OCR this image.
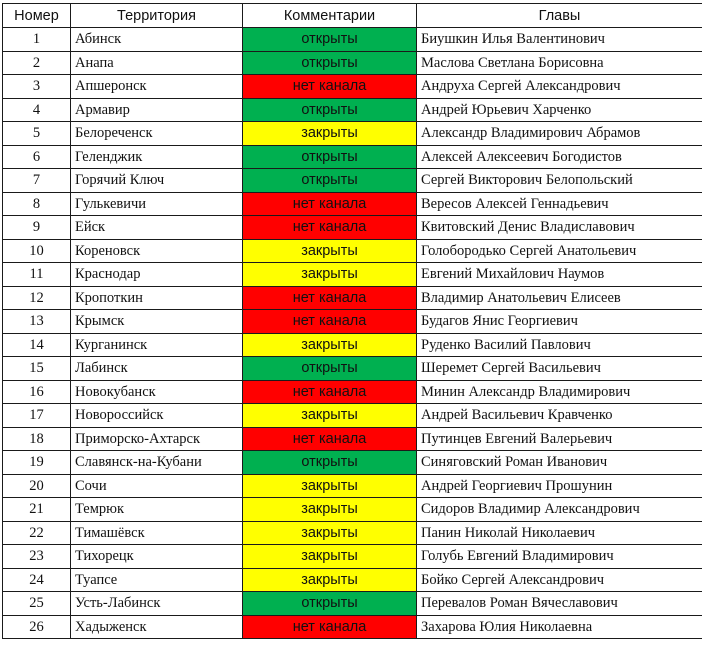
Номер	Территория	Комментарии	Главы
1	Абинск	открыты	Биушкин Илья Валентинович
2	Анапа	открыты	Маслова Светлана Борисовна
3	Апшеронск	нет канала	Андруха Сергей Александрович
4	Армавир	открыты	Андрей Юрьевич Харченко
5	Белореченск	закрыты	Александр Владимирович Абрамов
6	Геленджик	открыты	Алексей Алексеевич Богодистов
7	Горячий Ключ	открыты	Сергей Викторович Белопольский
8	Гулькевичи	нет канала	Вересов Алексей Геннадьевич
9	Ейск	нет канала	Квитовский Денис Владиславович
10	Кореновск	закрыты	Голобородько Сергей Анатольевич
11	Краснодар	закрыты	Евгений Михайлович Наумов
12	Кропоткин	нет канала	Владимир Анатольевич Елисеев
13	Крымск	нет канала	Будагов Янис Георгиевич
14	Курганинск	закрыты	Руденко Василий Павлович
15	Лабинск	открыты	Шеремет Сергей Васильевич
16	Новокубанск	нет канала	Минин Александр Владимирович
17	Новороссийск	закрыты	Андрей Васильевич Кравченко
18	Приморско-Ахтарск	нет канала	Путинцев Евгений Валерьевич
19	Славянск-на-Кубани	открыты	Синяговский Роман Иванович
20	Сочи	закрыты	Андрей Георгиевич Прошунин
21	Темрюк	закрыты	Сидоров Владимир Александрович
22	Тимашёвск	закрыты	Панин Николай Николаевич
23	Тихорецк	закрыты	Голубь Евгений Владимирович
24	Туапсе	закрыты	Бойко Сергей Александрович
25	Усть-Лабинск	открыты	Перевалов Роман Вячеславович
26	Хадыженск	нет канала	Захарова Юлия Николаевна
